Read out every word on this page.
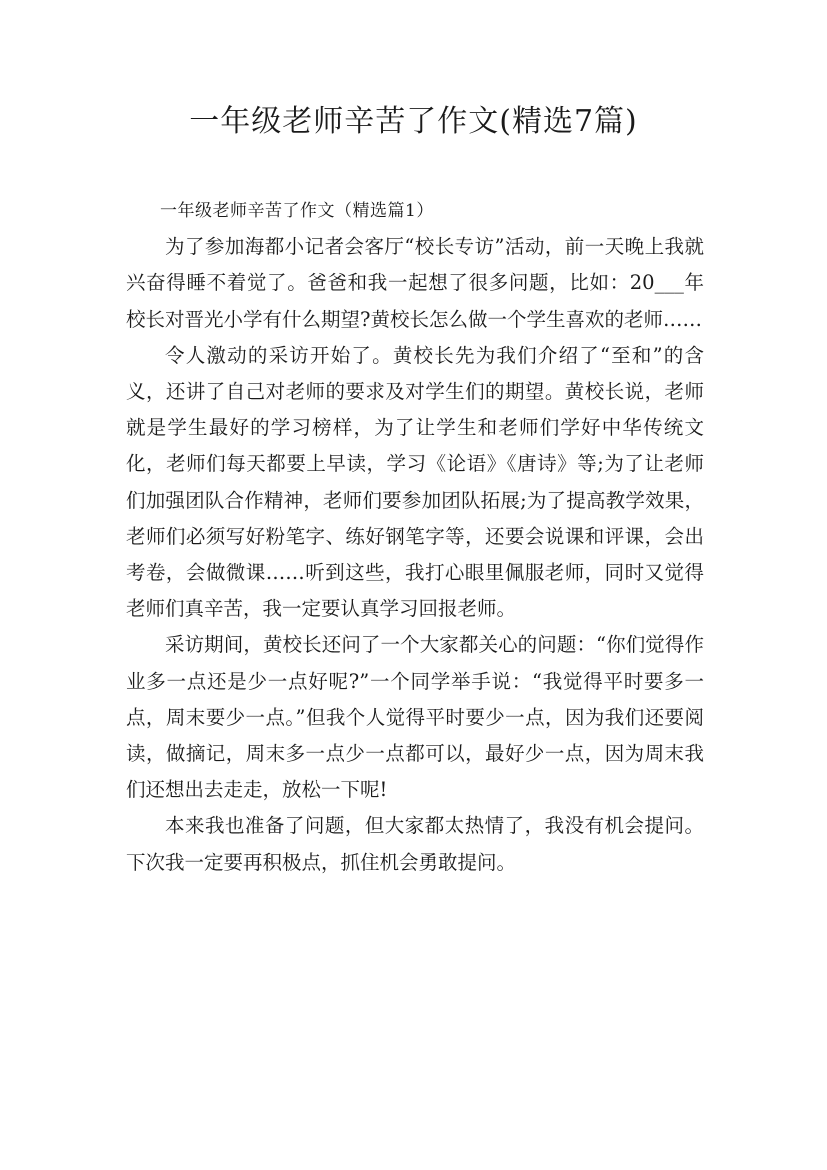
一年级老师辛苦了作文(精选7篇)
一年级老师辛苦了作文（精选篇1）

为了参加海都小记者会客厅“校长专访”活动，前一天晚上我就兴奋得睡不着觉了。爸爸和我一起想了很多问题，比如：20___年校长对晋光小学有什么期望?黄校长怎么做一个学生喜欢的老师……

令人激动的采访开始了。黄校长先为我们介绍了“至和”的含义，还讲了自己对老师的要求及对学生们的期望。黄校长说，老师就是学生最好的学习榜样，为了让学生和老师们学好中华传统文化，老师们每天都要上早读，学习《论语》《唐诗》等;为了让老师们加强团队合作精神，老师们要参加团队拓展;为了提高教学效果，老师们必须写好粉笔字、练好钢笔字等，还要会说课和评课，会出考卷，会做微课……听到这些，我打心眼里佩服老师，同时又觉得老师们真辛苦，我一定要认真学习回报老师。

采访期间，黄校长还问了一个大家都关心的问题：“你们觉得作业多一点还是少一点好呢?”一个同学举手说：“我觉得平时要多一点，周末要少一点。”但我个人觉得平时要少一点，因为我们还要阅读，做摘记，周末多一点少一点都可以，最好少一点，因为周末我们还想出去走走，放松一下呢!

本来我也准备了问题，但大家都太热情了，我没有机会提问。下次我一定要再积极点，抓住机会勇敢提问。
